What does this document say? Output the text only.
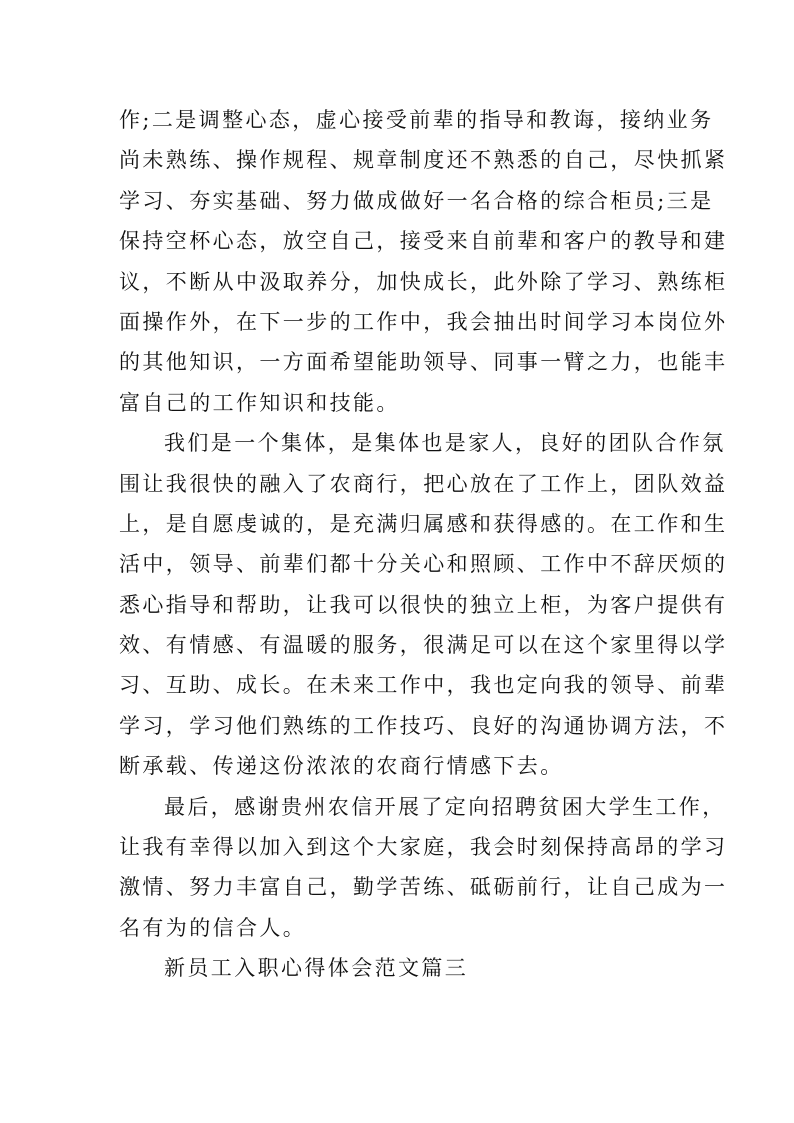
作;二是调整心态，虚心接受前辈的指导和教诲，接纳业务
尚未熟练、操作规程、规章制度还不熟悉的自己，尽快抓紧
学习、夯实基础、努力做成做好一名合格的综合柜员;三是
保持空杯心态，放空自己，接受来自前辈和客户的教导和建
议，不断从中汲取养分，加快成长，此外除了学习、熟练柜
面操作外，在下一步的工作中，我会抽出时间学习本岗位外
的其他知识，一方面希望能助领导、同事一臂之力，也能丰
富自己的工作知识和技能。
我们是一个集体，是集体也是家人，良好的团队合作氛
围让我很快的融入了农商行，把心放在了工作上，团队效益
上，是自愿虔诚的，是充满归属感和获得感的。在工作和生
活中，领导、前辈们都十分关心和照顾、工作中不辞厌烦的
悉心指导和帮助，让我可以很快的独立上柜，为客户提供有
效、有情感、有温暖的服务，很满足可以在这个家里得以学
习、互助、成长。在未来工作中，我也定向我的领导、前辈
学习，学习他们熟练的工作技巧、良好的沟通协调方法，不
断承载、传递这份浓浓的农商行情感下去。
最后，感谢贵州农信开展了定向招聘贫困大学生工作，
让我有幸得以加入到这个大家庭，我会时刻保持高昂的学习
激情、努力丰富自己，勤学苦练、砥砺前行，让自己成为一
名有为的信合人。
新员工入职心得体会范文篇三
